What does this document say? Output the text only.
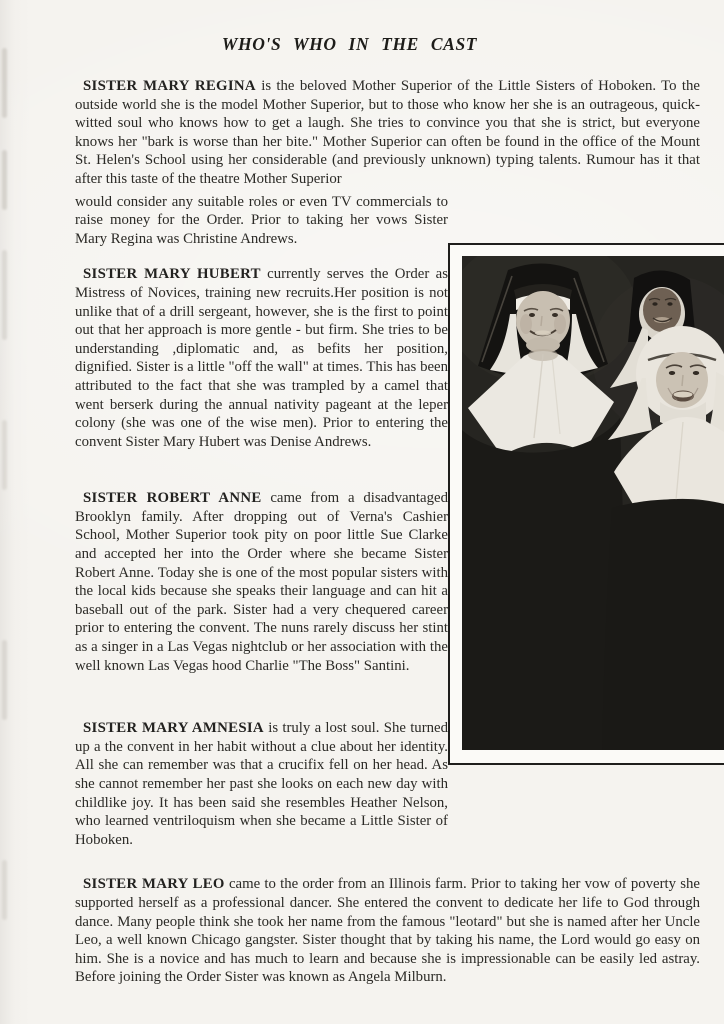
WHO'S WHO IN THE CAST

SISTER MARY REGINA is the beloved Mother Superior of the Little Sisters of Hoboken. To the outside world she is the model Mother Superior, but to those who know her she is an outrageous, quick-witted soul who knows how to get a laugh. She tries to convince you that she is strict, but everyone knows her "bark is worse than her bite." Mother Superior can often be found in the office of the Mount St. Helen's School using her considerable (and previously unknown) typing talents. Rumour has it that after this taste of the theatre Mother Superior

would consider any suitable roles or even TV commercials to raise money for the Order. Prior to taking her vows Sister Mary Regina was Christine Andrews.

SISTER MARY HUBERT currently serves the Order as Mistress of Novices, training new recruits.Her position is not unlike that of a drill sergeant, however, she is the first to point out that her approach is more gentle - but firm. She tries to be understanding ,diplomatic and, as befits her position, dignified. Sister is a little "off the wall" at times. This has been attributed to the fact that she was trampled by a camel that went berserk during the annual nativity pageant at the leper colony (she was one of the wise men). Prior to entering the convent Sister Mary Hubert was Denise Andrews.

SISTER ROBERT ANNE came from a disadvantaged Brooklyn family. After dropping out of Verna's Cashier School, Mother Superior took pity on poor little Sue Clarke and accepted her into the Order where she became Sister Robert Anne. Today she is one of the most popular sisters with the local kids because she speaks their language and can hit a baseball out of the park. Sister had a very chequered career prior to entering the convent. The nuns rarely discuss her stint as a singer in a Las Vegas nightclub or her association with the well known Las Vegas hood Charlie "The Boss" Santini.

SISTER MARY AMNESIA is truly a lost soul. She turned up a the convent in her habit without a clue about her identity. All she can remember was that a crucifix fell on her head. As she cannot remember her past she looks on each new day with childlike joy. It has been said she resembles Heather Nelson, who learned ventriloquism when she became a Little Sister of Hoboken.

SISTER MARY LEO came to the order from an Illinois farm. Prior to taking her vow of poverty she supported herself as a professional dancer. She entered the convent to dedicate her life to God through dance. Many people think she took her name from the famous "leotard" but she is named after her Uncle Leo, a well known Chicago gangster. Sister thought that by taking his name, the Lord would go easy on him. She is a novice and has much to learn and because she is impressionable can be easily led astray. Before joining the Order Sister was known as Angela Milburn.
